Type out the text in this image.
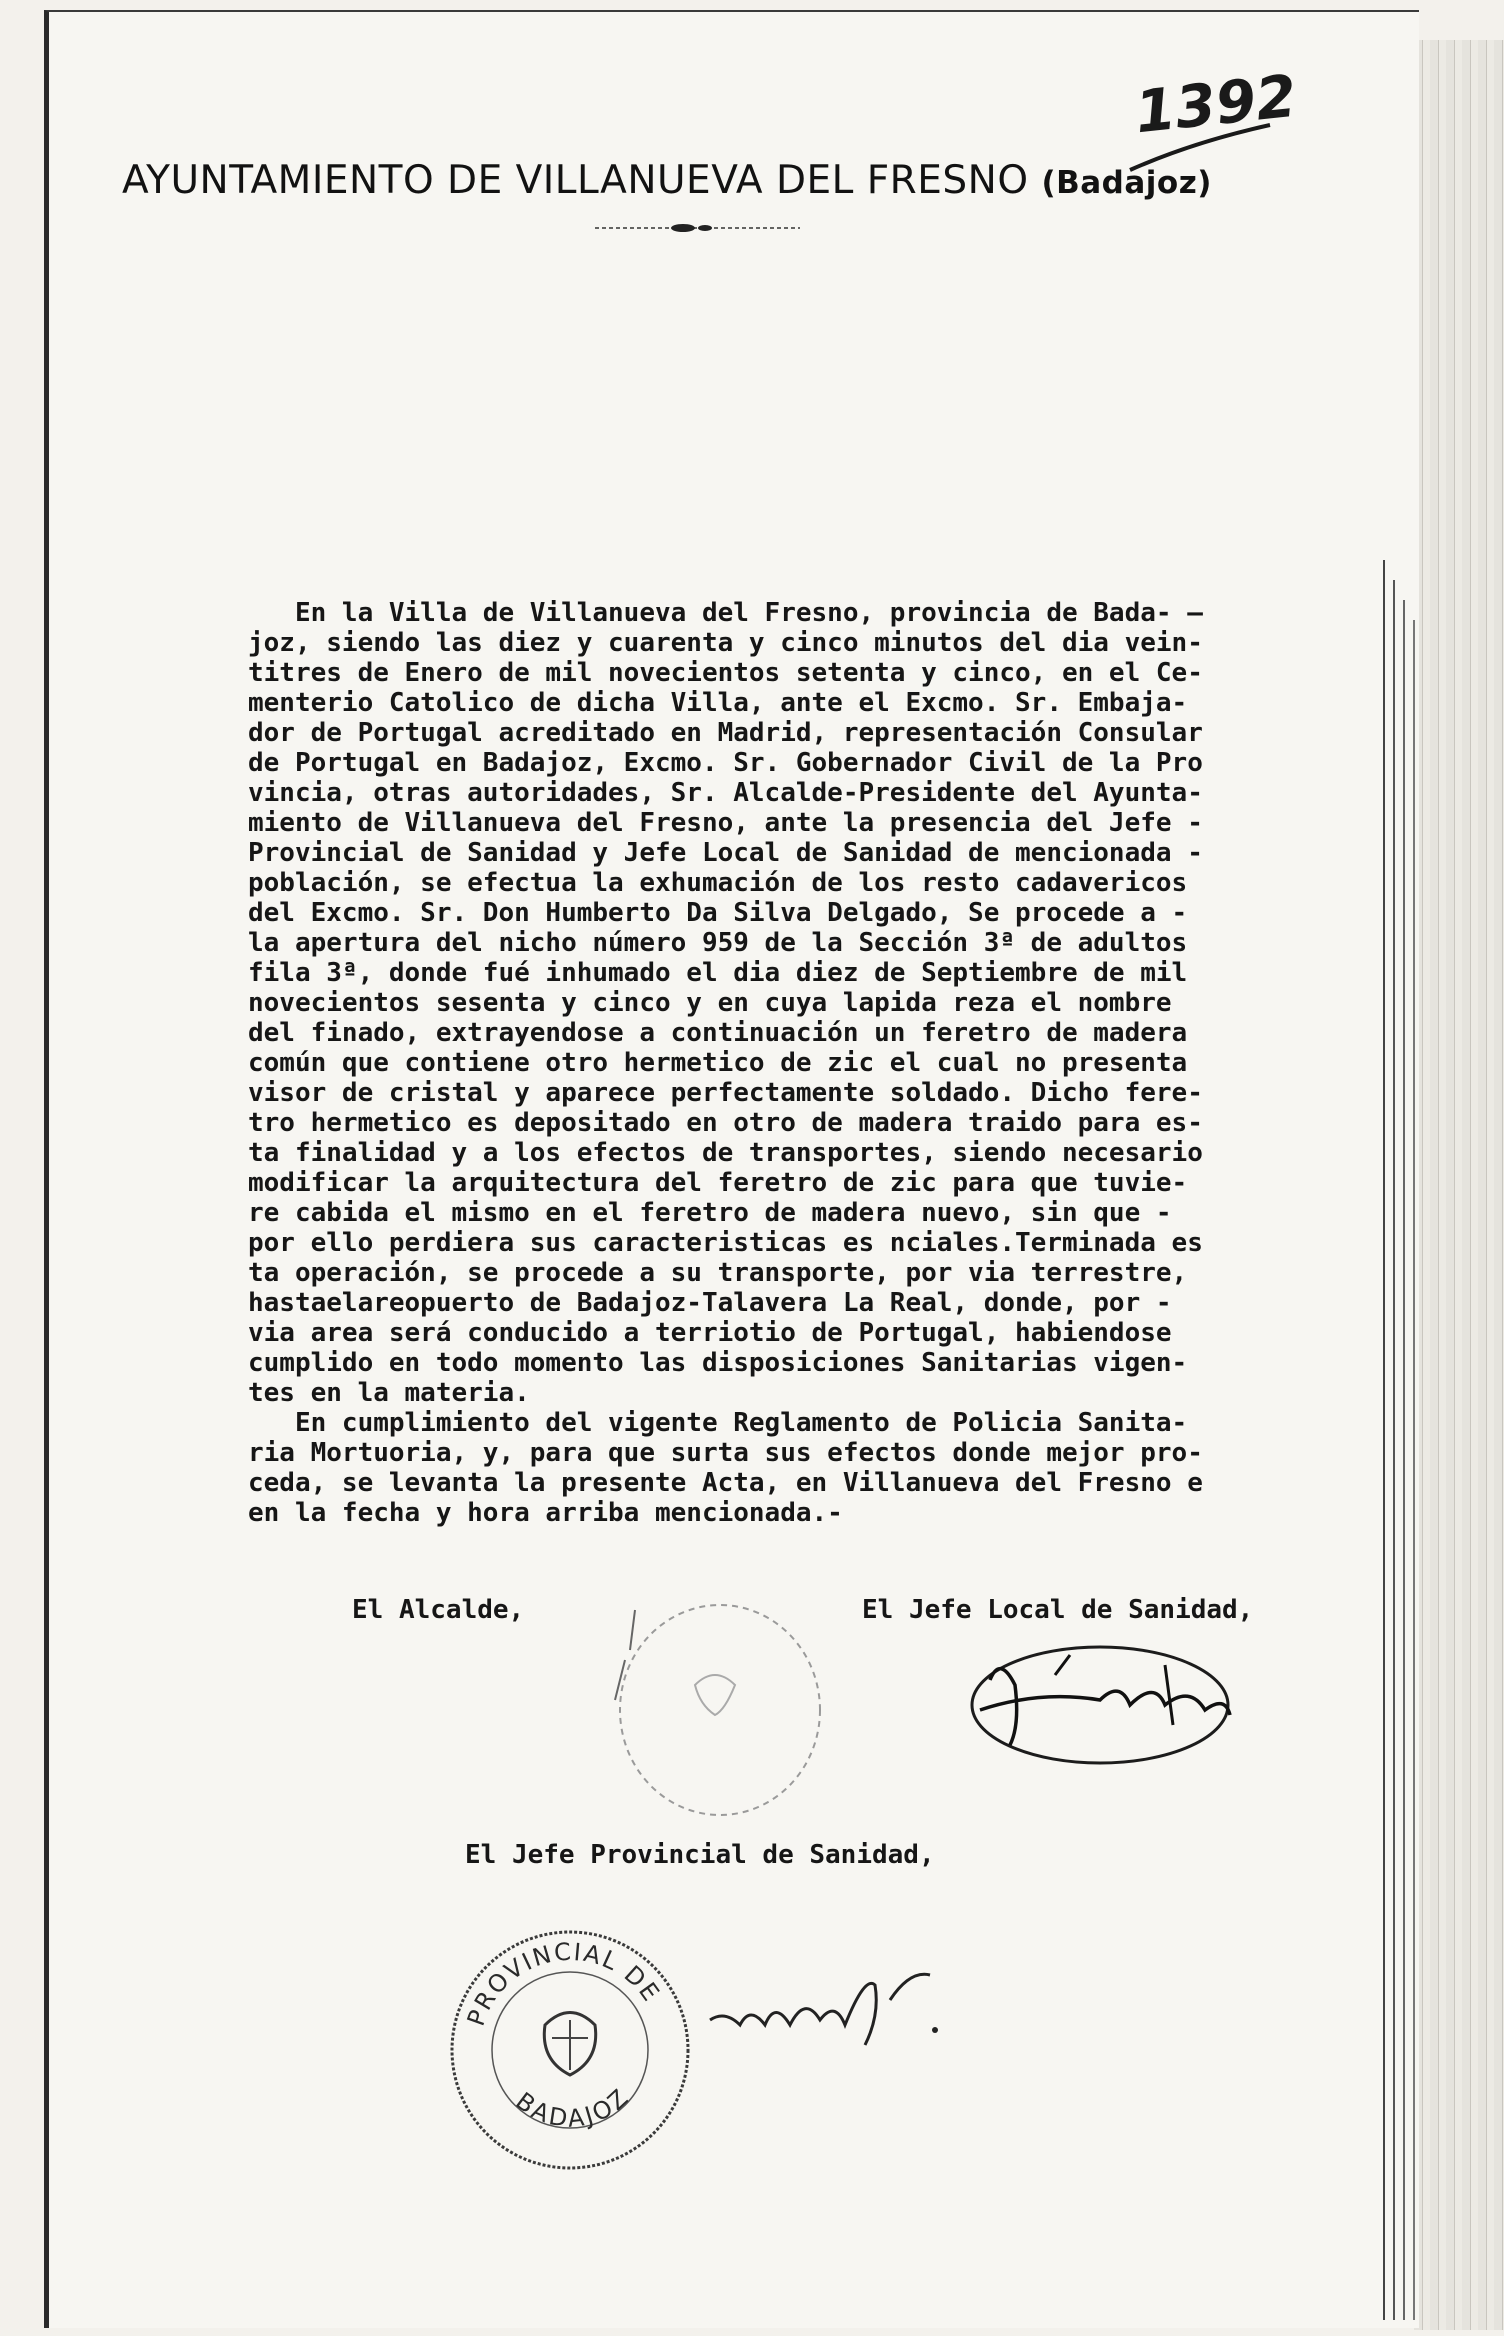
1392
AYUNTAMIENTO DE VILLANUEVA DEL FRESNO (Badajoz)
En la Villa de Villanueva del Fresno, provincia de Bada- —
joz, siendo las diez y cuarenta y cinco minutos del dia vein-
titres de Enero de mil novecientos setenta y cinco, en el Ce-
menterio Catolico de dicha Villa, ante el Excmo. Sr. Embaja-
dor de Portugal acreditado en Madrid, representación Consular
de Portugal en Badajoz, Excmo. Sr. Gobernador Civil de la Pro
vincia, otras autoridades, Sr. Alcalde-Presidente del Ayunta-
miento de Villanueva del Fresno, ante la presencia del Jefe -
Provincial de Sanidad y Jefe Local de Sanidad de mencionada -
población, se efectua la exhumación de los resto cadavericos
del Excmo. Sr. Don Humberto Da Silva Delgado, Se procede a -
la apertura del nicho número 959 de la Sección 3ª de adultos
fila 3ª, donde fué inhumado el dia diez de Septiembre de mil
novecientos sesenta y cinco y en cuya lapida reza el nombre
del finado, extrayendose a continuación un feretro de madera
común que contiene otro hermetico de zic el cual no presenta
visor de cristal y aparece perfectamente soldado. Dicho fere-
tro hermetico es depositado en otro de madera traido para es-
ta finalidad y a los efectos de transportes, siendo necesario
modificar la arquitectura del feretro de zic para que tuvie-
re cabida el mismo en el feretro de madera nuevo, sin que -
por ello perdiera sus caracteristicas es nciales.Terminada es
ta operación, se procede a su transporte, por via terrestre,
hastaelareopuerto de Badajoz-Talavera La Real, donde, por -
via area será conducido a terriotio de Portugal, habiendose
cumplido en todo momento las disposiciones Sanitarias vigen-
tes en la materia.
En cumplimiento del vigente Reglamento de Policia Sanita-
ria Mortuoria, y, para que surta sus efectos donde mejor pro-
ceda, se levanta la presente Acta, en Villanueva del Fresno e
en la fecha y hora arriba mencionada.-
El Alcalde,	El Jefe Local de Sanidad,
El Jefe Provincial de Sanidad,
PROVINCIAL DE
BADAJOZ
